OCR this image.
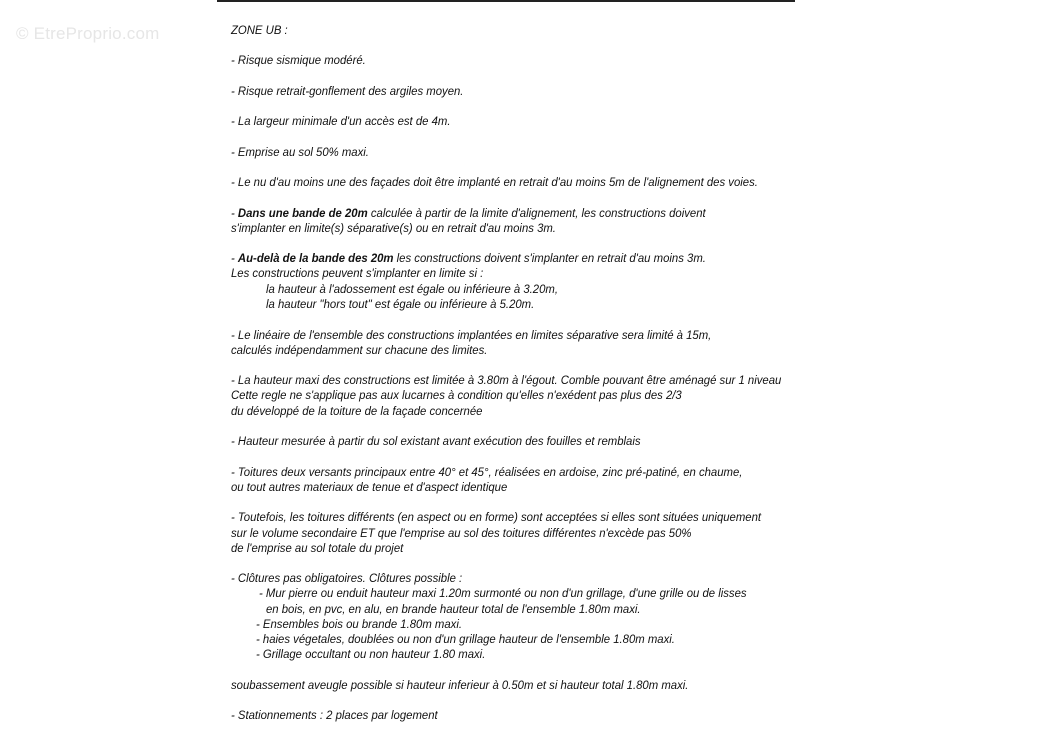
© EtreProprio.com	ZONE UB :
- Risque sismique modéré.
- Risque retrait-gonflement des argiles moyen.
- La largeur minimale d'un accès est de 4m.
- Emprise au sol 50% maxi.
- Le nu d'au moins une des façades doit être implanté en retrait d'au moins 5m de l'alignement des voies.
- Dans une bande de 20m calculée à partir de la limite d'alignement, les constructions doivent
s'implanter en limite(s) séparative(s) ou en retrait d'au moins 3m.
- Au-delà de la bande des 20m les constructions doivent s'implanter en retrait d'au moins 3m.
Les constructions peuvent s'implanter en limite si :
la hauteur à l'adossement est égale ou inférieure à 3.20m,
la hauteur "hors tout" est égale ou inférieure à 5.20m.
- Le linéaire de l'ensemble des constructions implantées en limites séparative sera limité à 15m,
calculés indépendamment sur chacune des limites.
- La hauteur maxi des constructions est limitée à 3.80m à l'égout. Comble pouvant être aménagé sur 1 niveau
Cette regle ne s'applique pas aux lucarnes à condition qu'elles n'exédent pas plus des 2/3
du développé de la toiture de la façade concernée
- Hauteur mesurée à partir du sol existant avant exécution des fouilles et remblais
- Toitures deux versants principaux entre 40° et 45°, réalisées en ardoise, zinc pré-patiné, en chaume,
ou tout autres materiaux de tenue et d'aspect identique
- Toutefois, les toitures différents (en aspect ou en forme) sont acceptées si elles sont situées uniquement
sur le volume secondaire ET que l'emprise au sol des toitures différentes n'excède pas 50%
de l'emprise au sol totale du projet
- Clôtures pas obligatoires. Clôtures possible :
- Mur pierre ou enduit hauteur maxi 1.20m surmonté ou non d'un grillage, d'une grille ou de lisses
en bois, en pvc, en alu, en brande hauteur total de l'ensemble 1.80m maxi.
- Ensembles bois ou brande 1.80m maxi.
- haies végetales, doublées ou non d'un grillage hauteur de l'ensemble 1.80m maxi.
- Grillage occultant ou non hauteur 1.80 maxi.
soubassement aveugle possible si hauteur inferieur à 0.50m et si hauteur total 1.80m maxi.
- Stationnements : 2 places par logement
